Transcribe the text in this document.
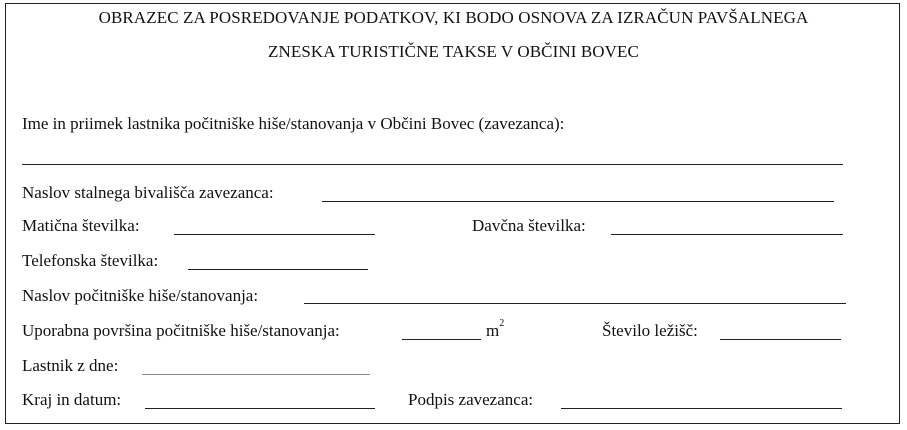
OBRAZEC ZA POSREDOVANJE PODATKOV, KI BODO OSNOVA ZA IZRAČUN PAVŠALNEGA
ZNESKA TURISTIČNE TAKSE V OBČINI BOVEC
Ime in priimek lastnika počitniške hiše/stanovanja v Občini Bovec (zavezanca):
Naslov stalnega bivališča zavezanca:
Matična številka:	Davčna številka:
Telefonska številka:
Naslov počitniške hiše/stanovanja:
Uporabna površina počitniške hiše/stanovanja:	$m^2$	Število ležišč:
Lastnik z dne:
Kraj in datum:	Podpis zavezanca:
